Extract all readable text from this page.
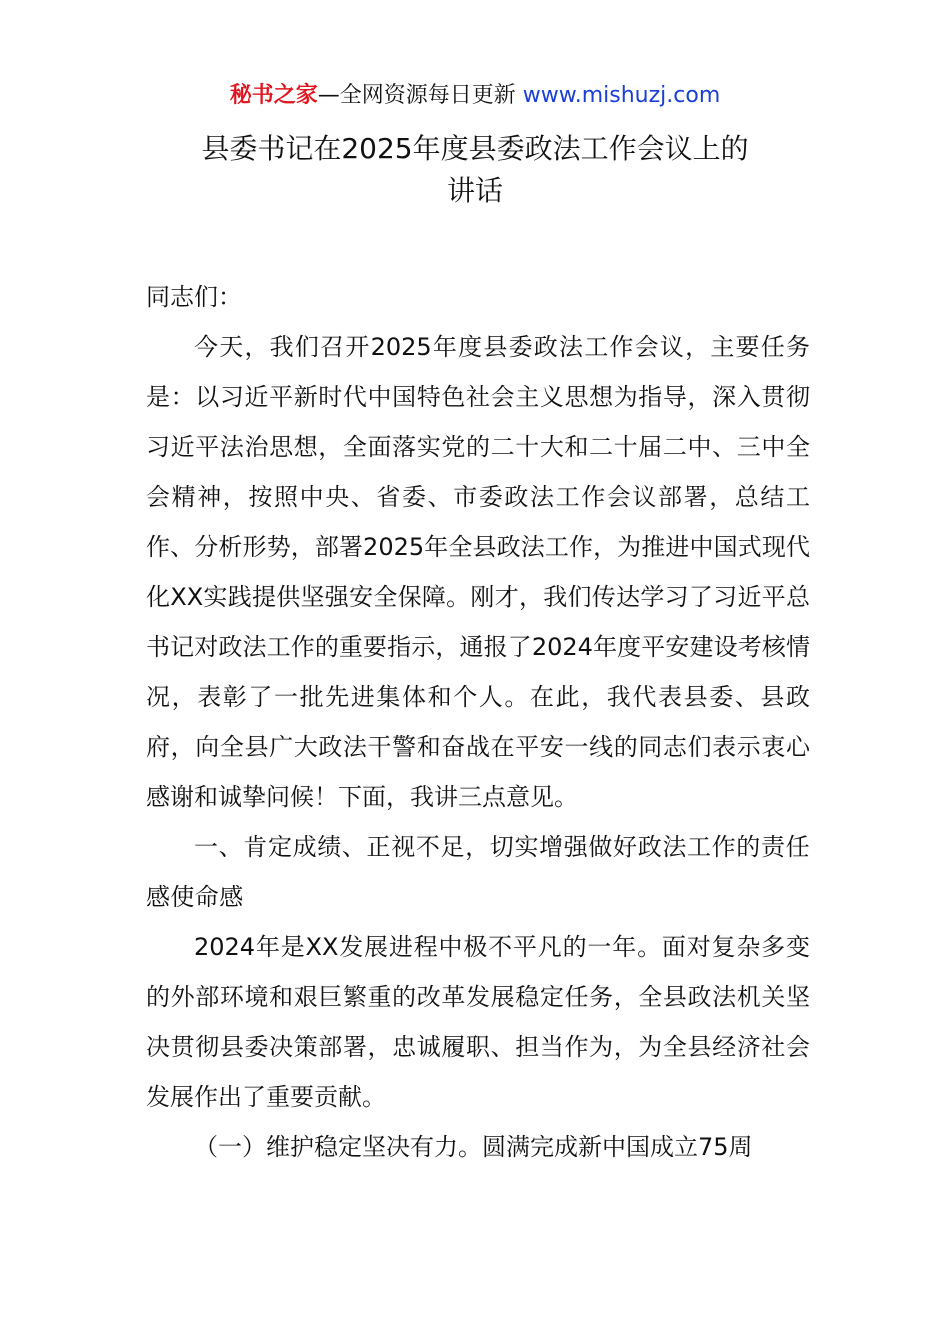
秘书之家—全网资源每日更新 www.mishuzj.com
县委书记在2025年度县委政法工作会议上的
讲话

同志们：

今天，我们召开2025年度县委政法工作会议，主要任务是：以习近平新时代中国特色社会主义思想为指导，深入贯彻习近平法治思想，全面落实党的二十大和二十届二中、三中全会精神，按照中央、省委、市委政法工作会议部署，总结工作、分析形势，部署2025年全县政法工作，为推进中国式现代化XX实践提供坚强安全保障。刚才，我们传达学习了习近平总书记对政法工作的重要指示，通报了2024年度平安建设考核情况，表彰了一批先进集体和个人。在此，我代表县委、县政府，向全县广大政法干警和奋战在平安一线的同志们表示衷心感谢和诚挚问候！下面，我讲三点意见。

一、肯定成绩、正视不足，切实增强做好政法工作的责任感使命感

2024年是XX发展进程中极不平凡的一年。面对复杂多变的外部环境和艰巨繁重的改革发展稳定任务，全县政法机关坚决贯彻县委决策部署，忠诚履职、担当作为，为全县经济社会发展作出了重要贡献。

（一）维护稳定坚决有力。圆满完成新中国成立75周
